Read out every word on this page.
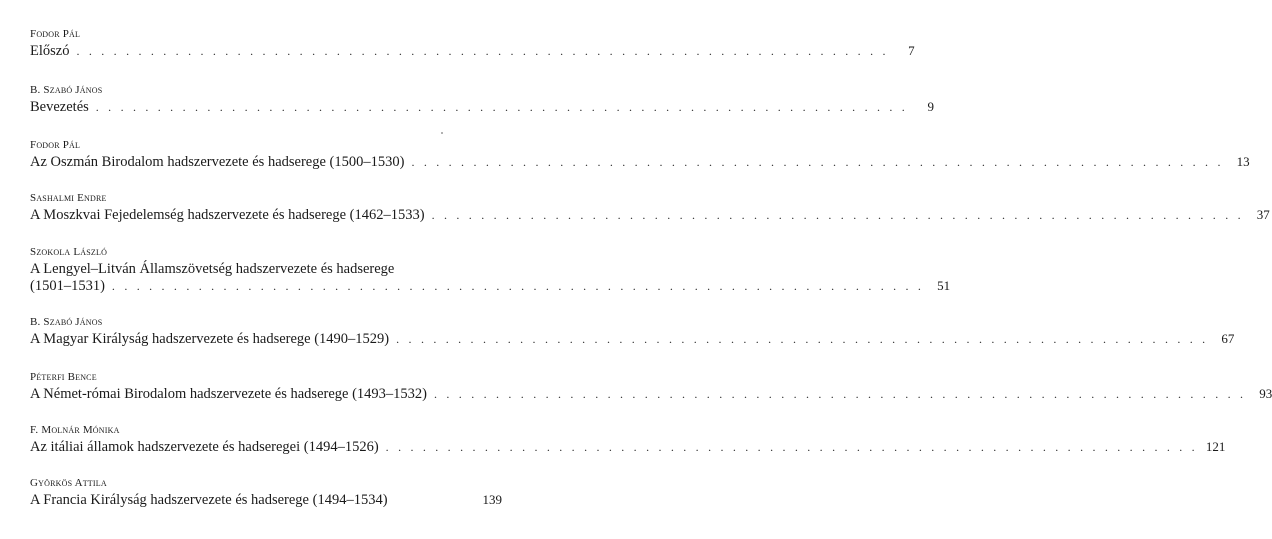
Fodor Pál
Előszó . . . . . . . . . . . . . . . . . . . . . . . . . . . . . . . . . . . . . . . . . . . . . . . . . . . . . . . . . . . . . . . . . .	7
B. Szabó János
Bevezetés . . . . . . . . . . . . . . . . . . . . . . . . . . . . . . . . . . . . . . . . . . . . . . . . . . . . . . . . . . . . . . . . . .	9
Fodor Pál
Az Oszmán Birodalom hadszervezete és hadserege (1500–1530) . . . . . . . . . . . . . . . . . . . . . . . . . . . . . . . . . . . . . . . . . . . . . . . . . . . . . . . . . . . . . . . . . .	13
Sashalmi Endre
A Moszkvai Fejedelemség hadszervezete és hadserege (1462–1533) . . . . . . . . . . . . . . . . . . . . . . . . . . . . . . . . . . . . . . . . . . . . . . . . . . . . . . . . . . . . . . . . . .	37
Szokola László
A Lengyel–Litván Államszövetség hadszervezete és hadserege
(1501–1531) . . . . . . . . . . . . . . . . . . . . . . . . . . . . . . . . . . . . . . . . . . . . . . . . . . . . . . . . . . . . . . . . . .	51
B. Szabó János
A Magyar Királyság hadszervezete és hadserege (1490–1529) . . . . . . . . . . . . . . . . . . . . . . . . . . . . . . . . . . . . . . . . . . . . . . . . . . . . . . . . . . . . . . . . . .	67
Péterfi Bence
A Német-római Birodalom hadszervezete és hadserege (1493–1532) . . . . . . . . . . . . . . . . . . . . . . . . . . . . . . . . . . . . . . . . . . . . . . . . . . . . . . . . . . . . . . . . . .	93
F. Molnár Mónika
Az itáliai államok hadszervezete és hadseregei (1494–1526) . . . . . . . . . . . . . . . . . . . . . . . . . . . . . . . . . . . . . . . . . . . . . . . . . . . . . . . . . . . . . . . . . . 121
Györkös Attila
A Francia Királyság hadszervezete és hadserege (1494–1534)	139
